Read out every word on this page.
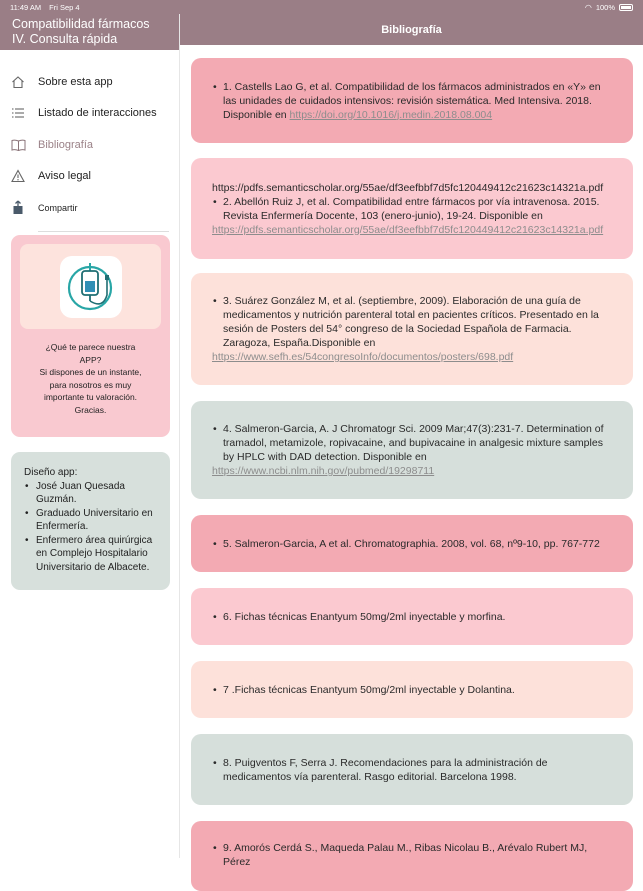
11:49 AM Fri Sep 4	◠ 100%
Bibliografía
Compatibilidad fármacos
IV. Consulta rápida
Sobre esta app
Listado de interacciones
Bibliografía
Aviso legal
Compartir
¿Qué te parece nuestra
APP?
Si dispones de un instante,
para nosotros es muy
importante tu valoración.
Gracias.
Diseño app:
• José Juan Quesada Guzmán.
• Graduado Universitario en Enfermería.
• Enfermero área quirúrgica en Complejo Hospitalario Universitario de Albacete.
• 1. Castells Lao G, et al. Compatibilidad de los fármacos administrados en «Y» en las unidades de cuidados intensivos: revisión sistemática. Med Intensiva. 2018. Disponible en https://doi.org/10.1016/j.medin.2018.08.004
https://pdfs.semanticscholar.org/55ae/df3eefbbf7d5fc120449412c21623c14321a.pdf
• 2. Abellón Ruiz J, et al. Compatibilidad entre fármacos por vía intravenosa. 2015. Revista Enfermería Docente, 103 (enero-junio), 19-24. Disponible en
https://pdfs.semanticscholar.org/55ae/df3eefbbf7d5fc120449412c21623c14321a.pdf
• 3. Suárez González M, et al. (septiembre, 2009). Elaboración de una guía de medicamentos y nutrición parenteral total en pacientes críticos. Presentado en la sesión de Posters del 54° congreso de la Sociedad Española de Farmacia. Zaragoza, España.Disponible en
https://www.sefh.es/54congresoInfo/documentos/posters/698.pdf
• 4. Salmeron-Garcia, A. J Chromatogr Sci. 2009 Mar;47(3):231-7. Determination of tramadol, metamizole, ropivacaine, and bupivacaine in analgesic mixture samples by HPLC with DAD detection. Disponible en
https://www.ncbi.nlm.nih.gov/pubmed/19298711
• 5. Salmeron-Garcia, A et al. Chromatographia. 2008, vol. 68, nº9-10, pp. 767-772
• 6. Fichas técnicas Enantyum 50mg/2ml inyectable y morfina.
• 7 .Fichas técnicas Enantyum 50mg/2ml inyectable y Dolantina.
• 8. Puigventos F, Serra J. Recomendaciones para la administración de medicamentos vía parenteral. Rasgo editorial. Barcelona 1998.
• 9. Amorós Cerdá S., Maqueda Palau M., Ribas Nicolau B., Arévalo Rubert MJ, Pérez
